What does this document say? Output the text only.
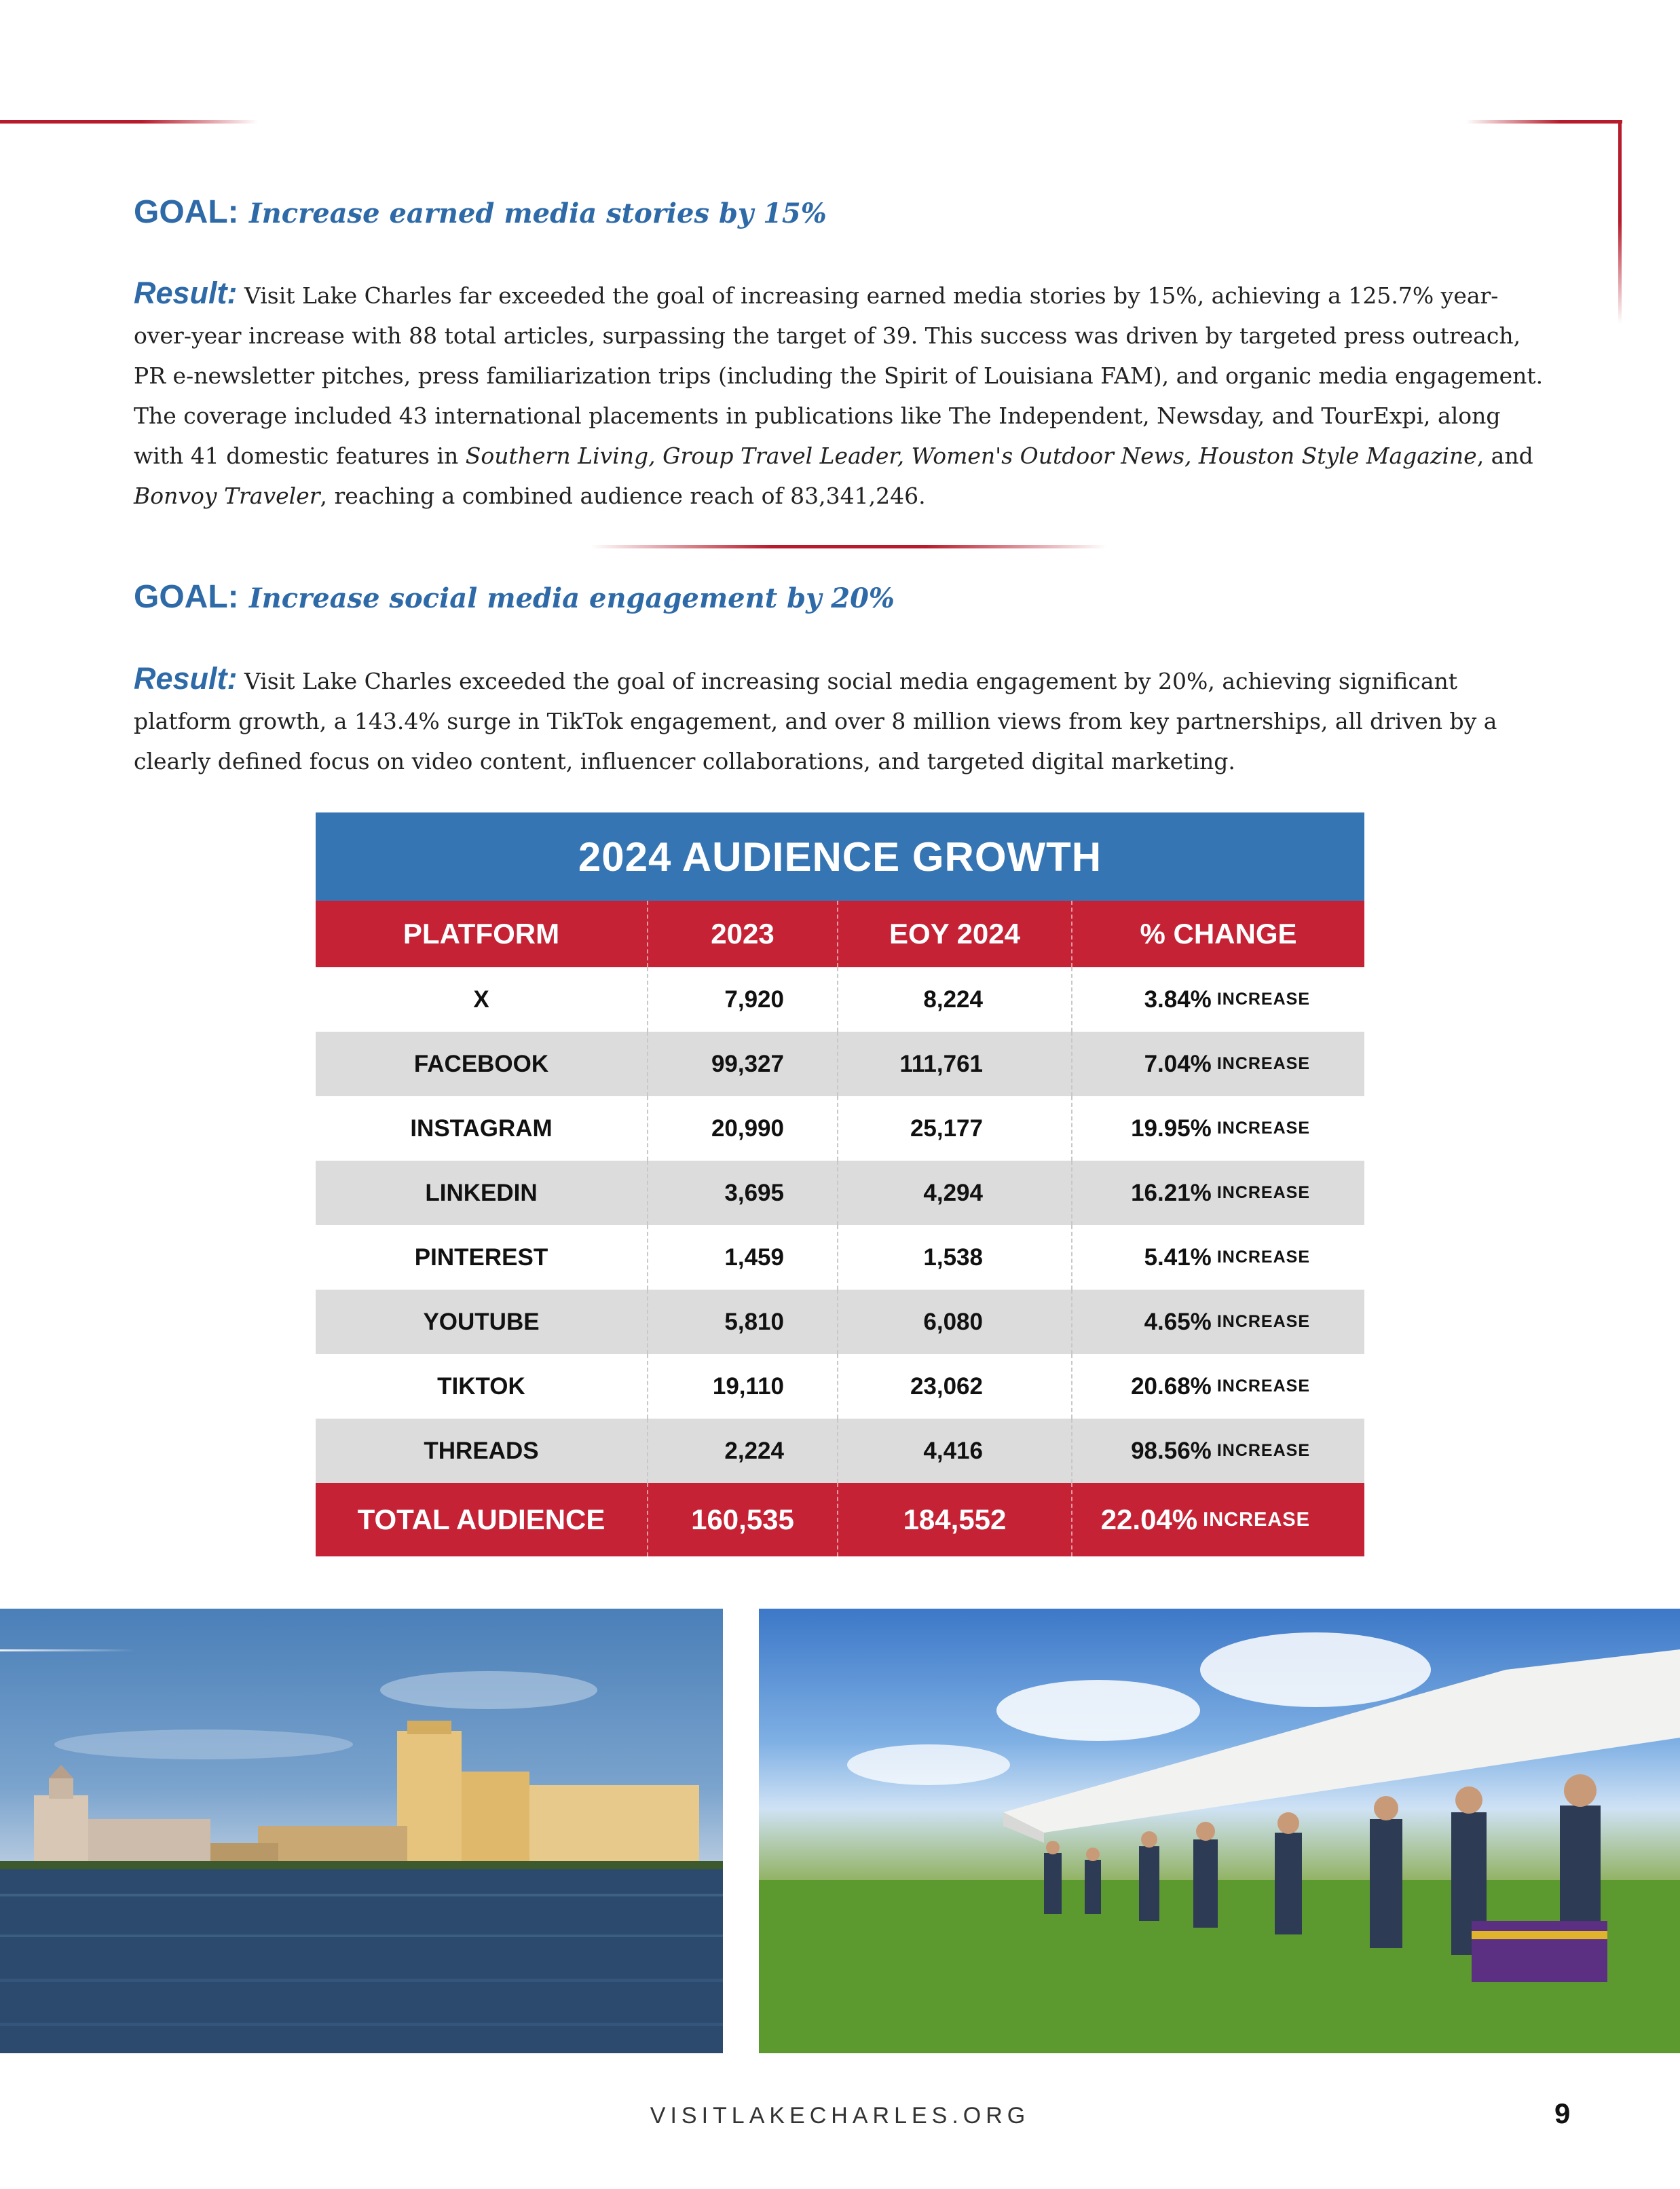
GOAL: Increase earned media stories by 15%
Result: Visit Lake Charles far exceeded the goal of increasing earned media stories by 15%, achieving a 125.7% year-over-year increase with 88 total articles, surpassing the target of 39. This success was driven by targeted press outreach, PR e-newsletter pitches, press familiarization trips (including the Spirit of Louisiana FAM), and organic media engagement. The coverage included 43 international placements in publications like The Independent, Newsday, and TourExpi, along with 41 domestic features in Southern Living, Group Travel Leader, Women's Outdoor News, Houston Style Magazine, and Bonvoy Traveler, reaching a combined audience reach of 83,341,246.
GOAL: Increase social media engagement by 20%
Result: Visit Lake Charles exceeded the goal of increasing social media engagement by 20%, achieving significant platform growth, a 143.4% surge in TikTok engagement, and over 8 million views from key partnerships, all driven by a clearly defined focus on video content, influencer collaborations, and targeted digital marketing.
2024 AUDIENCE GROWTH
PLATFORM	2023	EOY 2024	% CHANGE
X	7,920	8,224	3.84% INCREASE
FACEBOOK	99,327	111,761	7.04% INCREASE
INSTAGRAM	20,990	25,177	19.95% INCREASE
LINKEDIN	3,695	4,294	16.21% INCREASE
PINTEREST	1,459	1,538	5.41% INCREASE
YOUTUBE	5,810	6,080	4.65% INCREASE
TIKTOK	19,110	23,062	20.68% INCREASE
THREADS	2,224	4,416	98.56% INCREASE
TOTAL AUDIENCE	160,535	184,552	22.04% INCREASE
VISITLAKECHARLES.ORG	9
